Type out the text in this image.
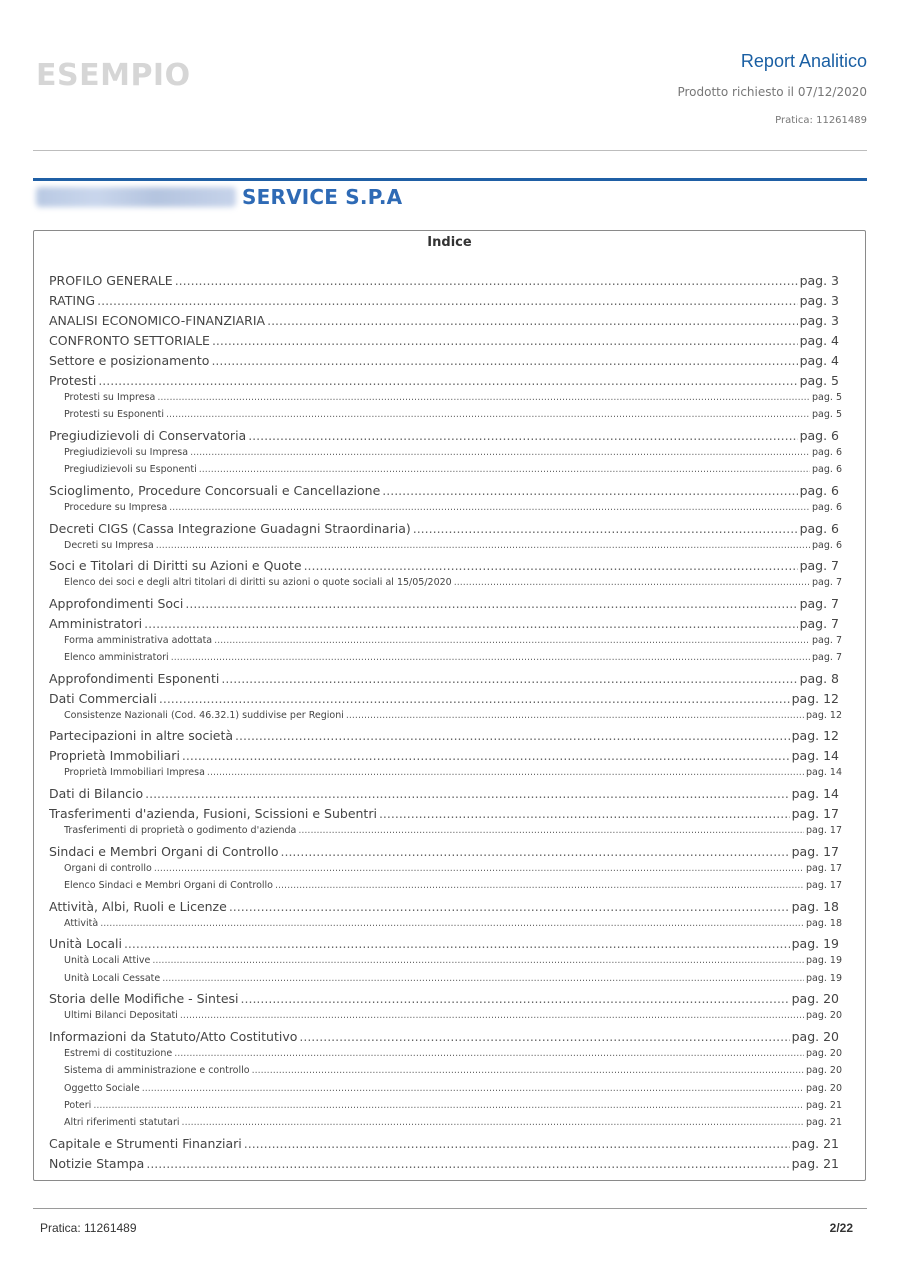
ESEMPIO	Report Analitico
Prodotto richiesto il 07/12/2020
Pratica: 11261489
SERVICE S.P.A
Indice
PROFILO GENERALE .....	pag. 3
RATING .....	pag. 3
ANALISI ECONOMICO-FINANZIARIA .....	pag. 3
CONFRONTO SETTORIALE .....	pag. 4
Settore e posizionamento .....	pag. 4
Protesti .....	pag. 5
Protesti su Impresa .....	pag. 5
Protesti su Esponenti .....	pag. 5
Pregiudizievoli di Conservatoria .....	pag. 6
Pregiudizievoli su Impresa .....	pag. 6
Pregiudizievoli su Esponenti .....	pag. 6
Scioglimento, Procedure Concorsuali e Cancellazione .....	pag. 6
Procedure su Impresa .....	pag. 6
Decreti CIGS (Cassa Integrazione Guadagni Straordinaria) .....	pag. 6
Decreti su Impresa .....	pag. 6
Soci e Titolari di Diritti su Azioni e Quote .....	pag. 7
Elenco dei soci e degli altri titolari di diritti su azioni o quote sociali al 15/05/2020 .....	pag. 7
Approfondimenti Soci .....	pag. 7
Amministratori .....	pag. 7
Forma amministrativa adottata .....	pag. 7
Elenco amministratori .....	pag. 7
Approfondimenti Esponenti .....	pag. 8
Dati Commerciali .....	pag. 12
Consistenze Nazionali (Cod. 46.32.1) suddivise per Regioni .....	pag. 12
Partecipazioni in altre società .....	pag. 12
Proprietà Immobiliari .....	pag. 14
Proprietà Immobiliari Impresa .....	pag. 14
Dati di Bilancio .....	pag. 14
Trasferimenti d'azienda, Fusioni, Scissioni e Subentri .....	pag. 17
Trasferimenti di proprietà o godimento d'azienda .....	pag. 17
Sindaci e Membri Organi di Controllo .....	pag. 17
Organi di controllo .....	pag. 17
Elenco Sindaci e Membri Organi di Controllo .....	pag. 17
Attività, Albi, Ruoli e Licenze .....	pag. 18
Attività .....	pag. 18
Unità Locali .....	pag. 19
Unità Locali Attive .....	pag. 19
Unità Locali Cessate .....	pag. 19
Storia delle Modifiche - Sintesi .....	pag. 20
Ultimi Bilanci Depositati .....	pag. 20
Informazioni da Statuto/Atto Costitutivo .....	pag. 20
Estremi di costituzione .....	pag. 20
Sistema di amministrazione e controllo .....	pag. 20
Oggetto Sociale .....	pag. 20
Poteri .....	pag. 21
Altri riferimenti statutari .....	pag. 21
Capitale e Strumenti Finanziari .....	pag. 21
Notizie Stampa .....	pag. 21
Pratica: 11261489	2/22
